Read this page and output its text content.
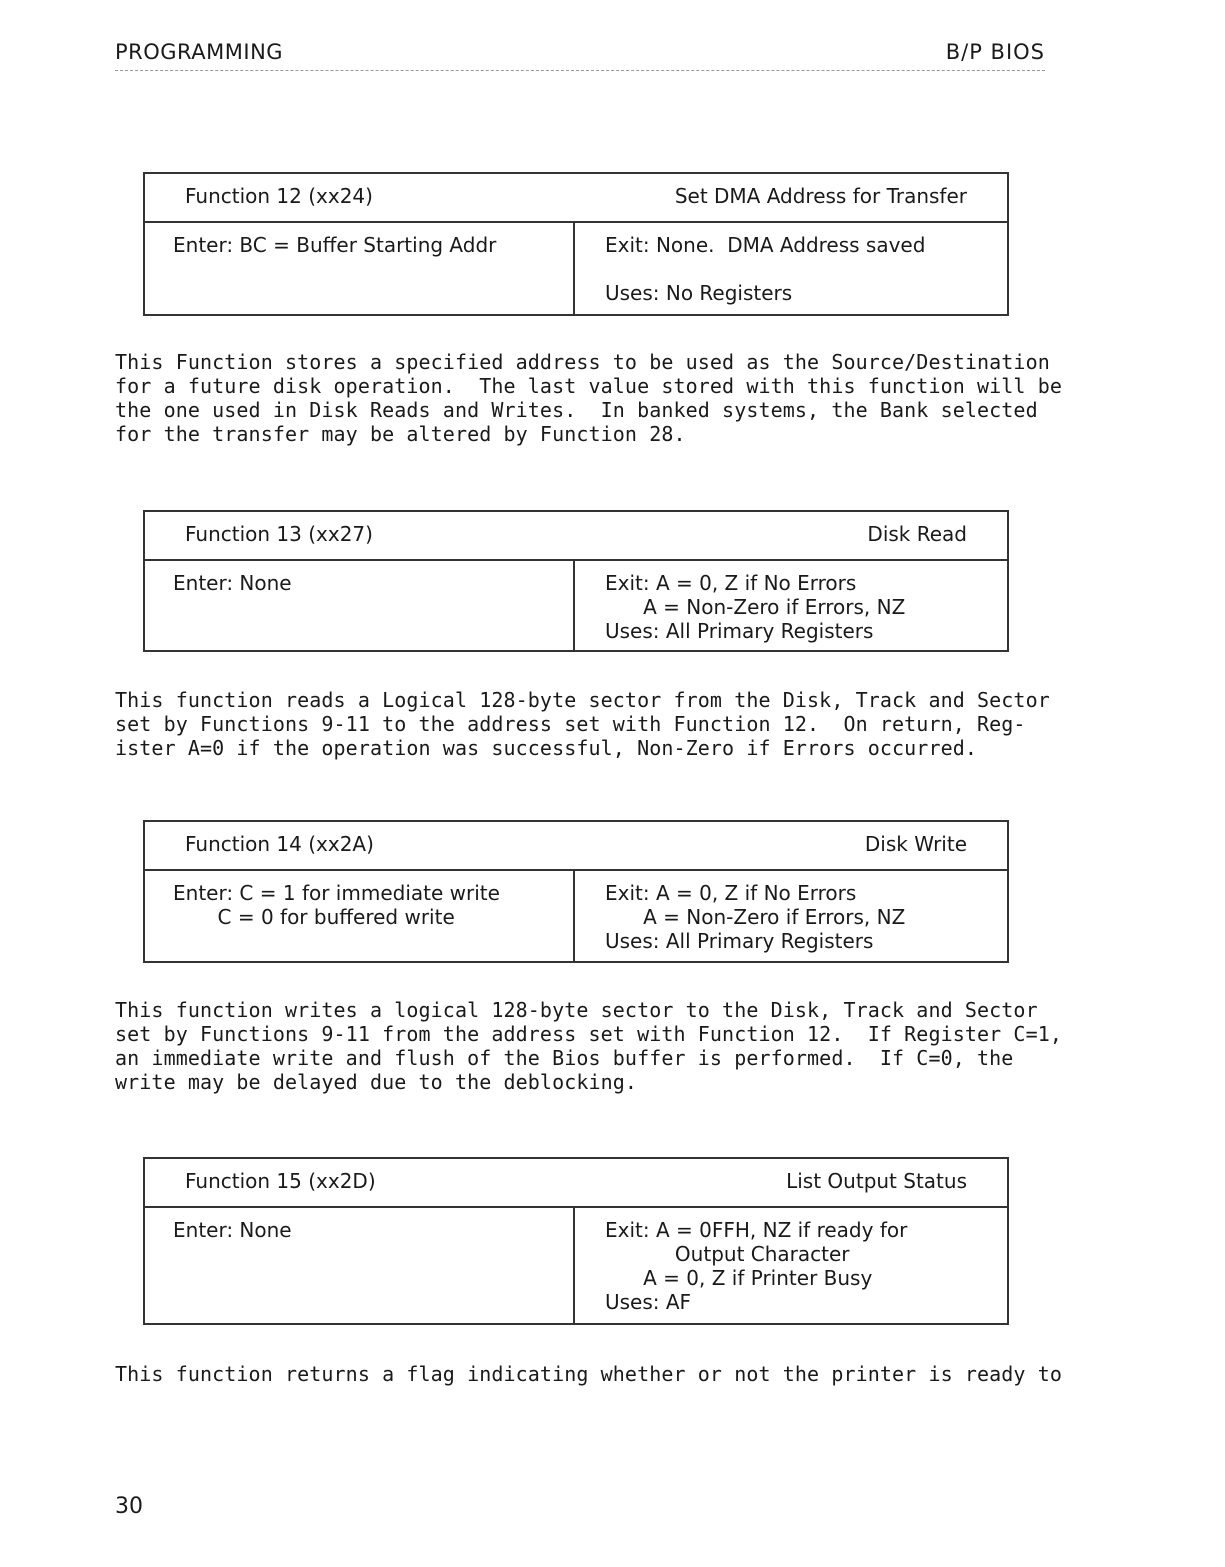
PROGRAMMING	B/P BIOS
Function 12 (xx24)	Set DMA Address for Transfer
Enter: BC = Buffer Starting Addr	Exit: None.  DMA Address saved

Uses: No Registers
This Function stores a specified address to be used as the Source/Destination
for a future disk operation.  The last value stored with this function will be
the one used in Disk Reads and Writes.  In banked systems, the Bank selected
for the transfer may be altered by Function 28.
Function 13 (xx27)	Disk Read
Enter: None	Exit: A = 0, Z if No Errors
A = Non-Zero if Errors, NZ
Uses: All Primary Registers
This function reads a Logical 128-byte sector from the Disk, Track and Sector
set by Functions 9-11 to the address set with Function 12.  On return, Reg-
ister A=0 if the operation was successful, Non-Zero if Errors occurred.
Function 14 (xx2A)	Disk Write
Enter: C = 1 for immediate write
C = 0 for buffered write
Exit: A = 0, Z if No Errors
A = Non-Zero if Errors, NZ
Uses: All Primary Registers
This function writes a logical 128-byte sector to the Disk, Track and Sector
set by Functions 9-11 from the address set with Function 12.  If Register C=1,
an immediate write and flush of the Bios buffer is performed.  If C=0, the
write may be delayed due to the deblocking.
Function 15 (xx2D)	List Output Status
Enter: None	Exit: A = 0FFH, NZ if ready for
Output Character
A = 0, Z if Printer Busy
Uses: AF
This function returns a flag indicating whether or not the printer is ready to
30
